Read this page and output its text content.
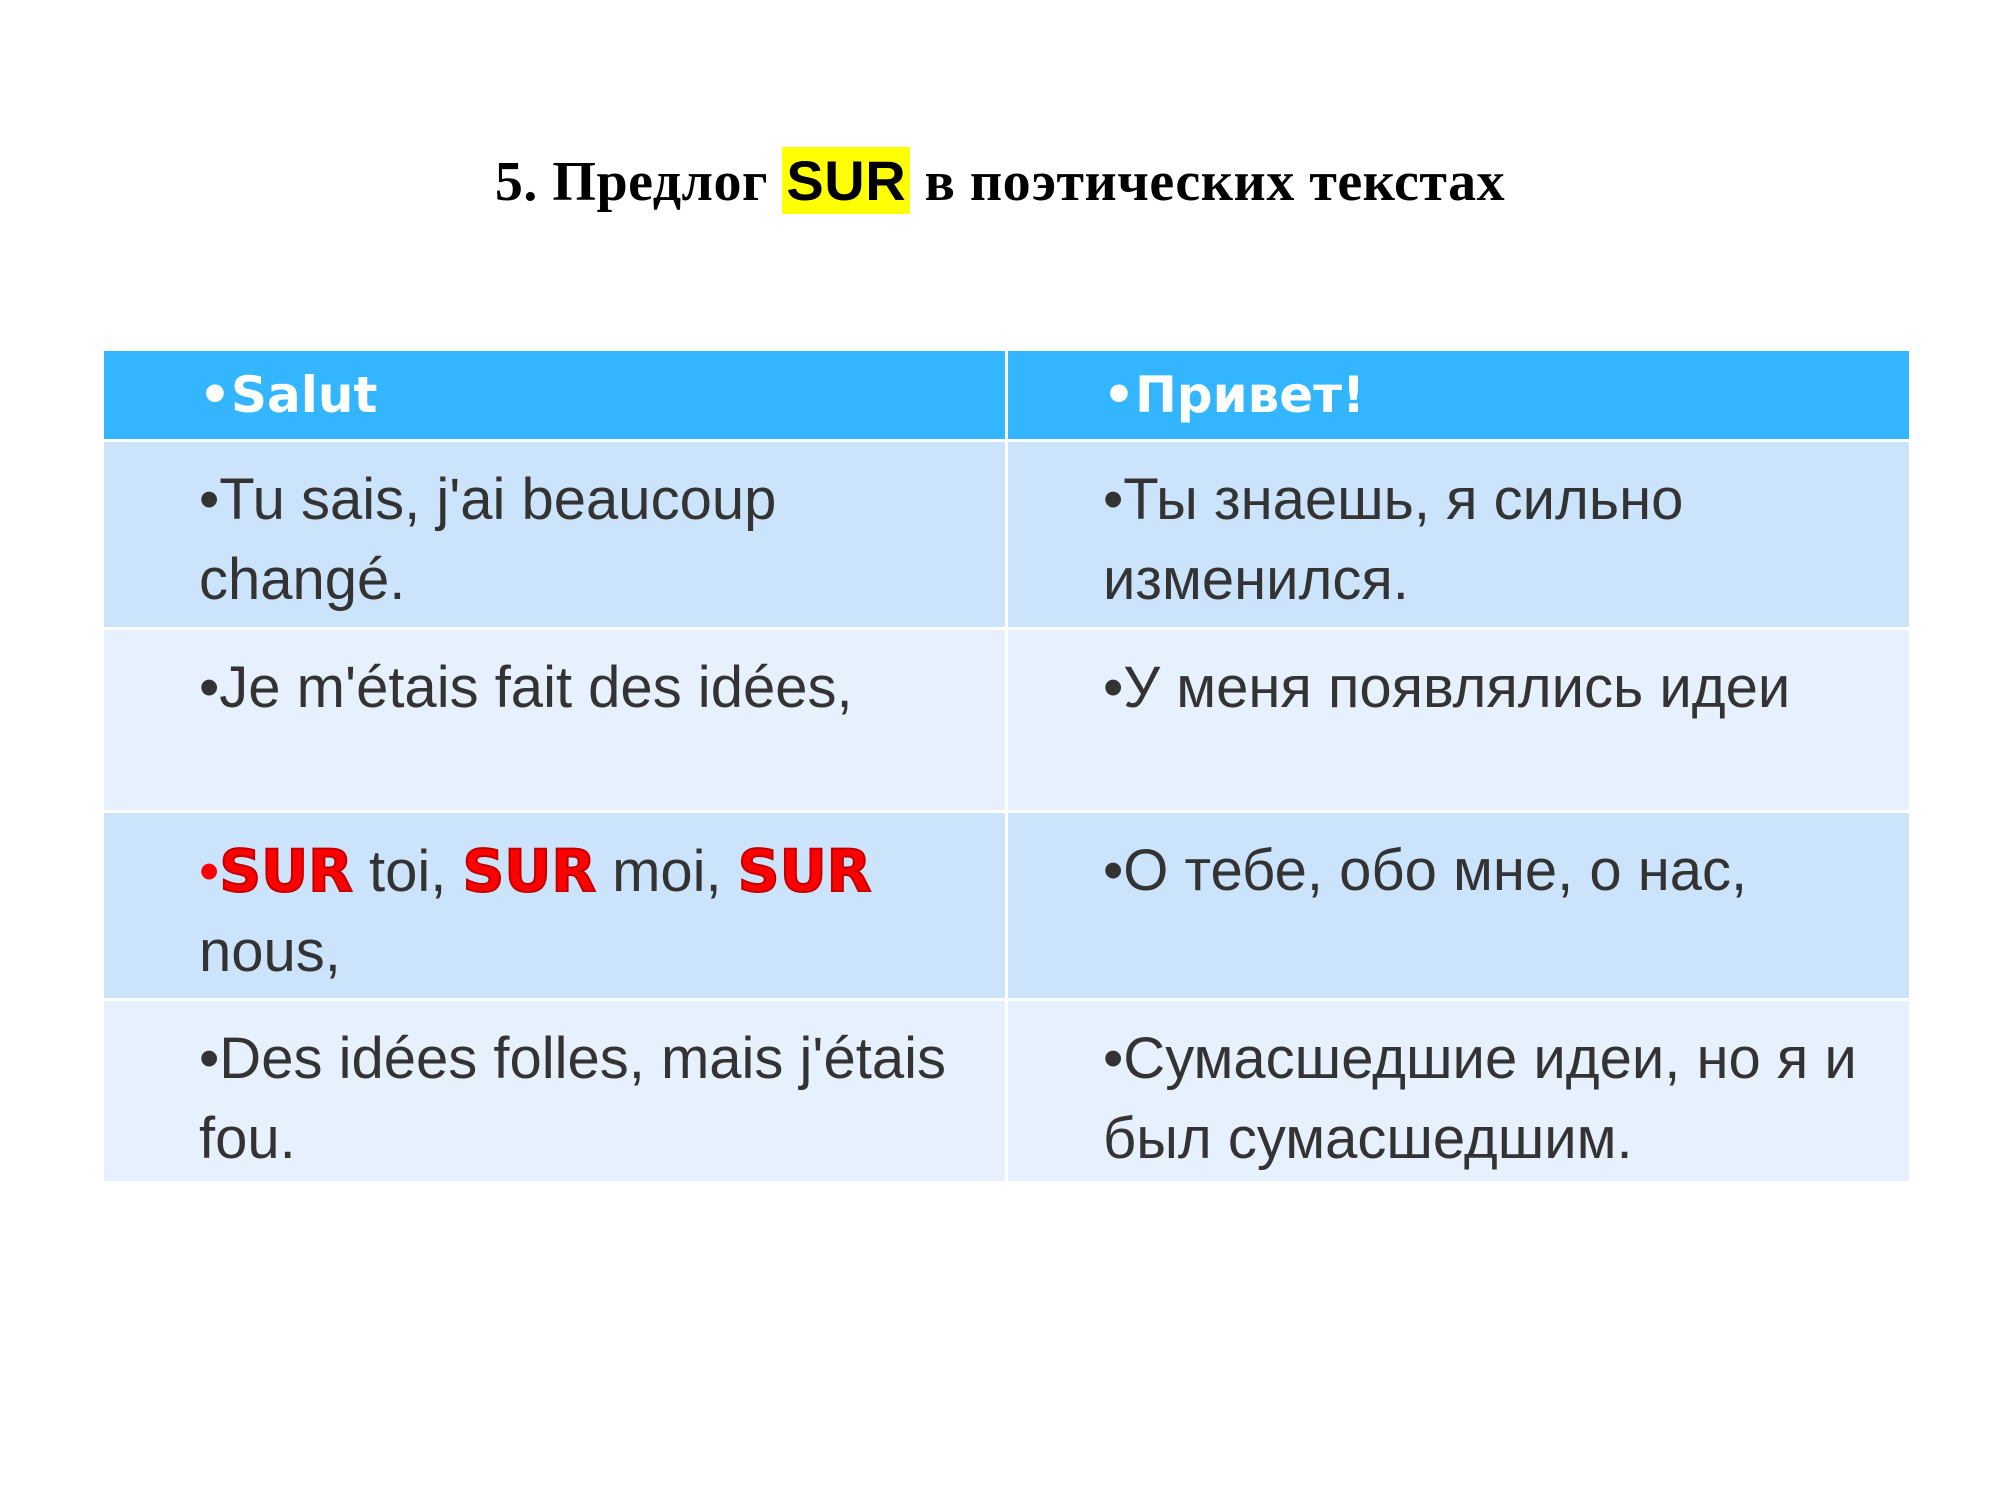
5. Предлог SUR в поэтических текстах
•Salut	•Привет!

•Tu sais, j'ai beaucoup changé.	•Ты знаешь, я сильно изменился.

•Je m'étais fait des idées,	•У меня появлялись идеи

•SUR toi, SUR moi, SUR nous,	•О тебе, обо мне, о нас,

•Des idées folles, mais j'étais fou.	•Сумасшедшие идеи, но я и был сумасшедшим.
